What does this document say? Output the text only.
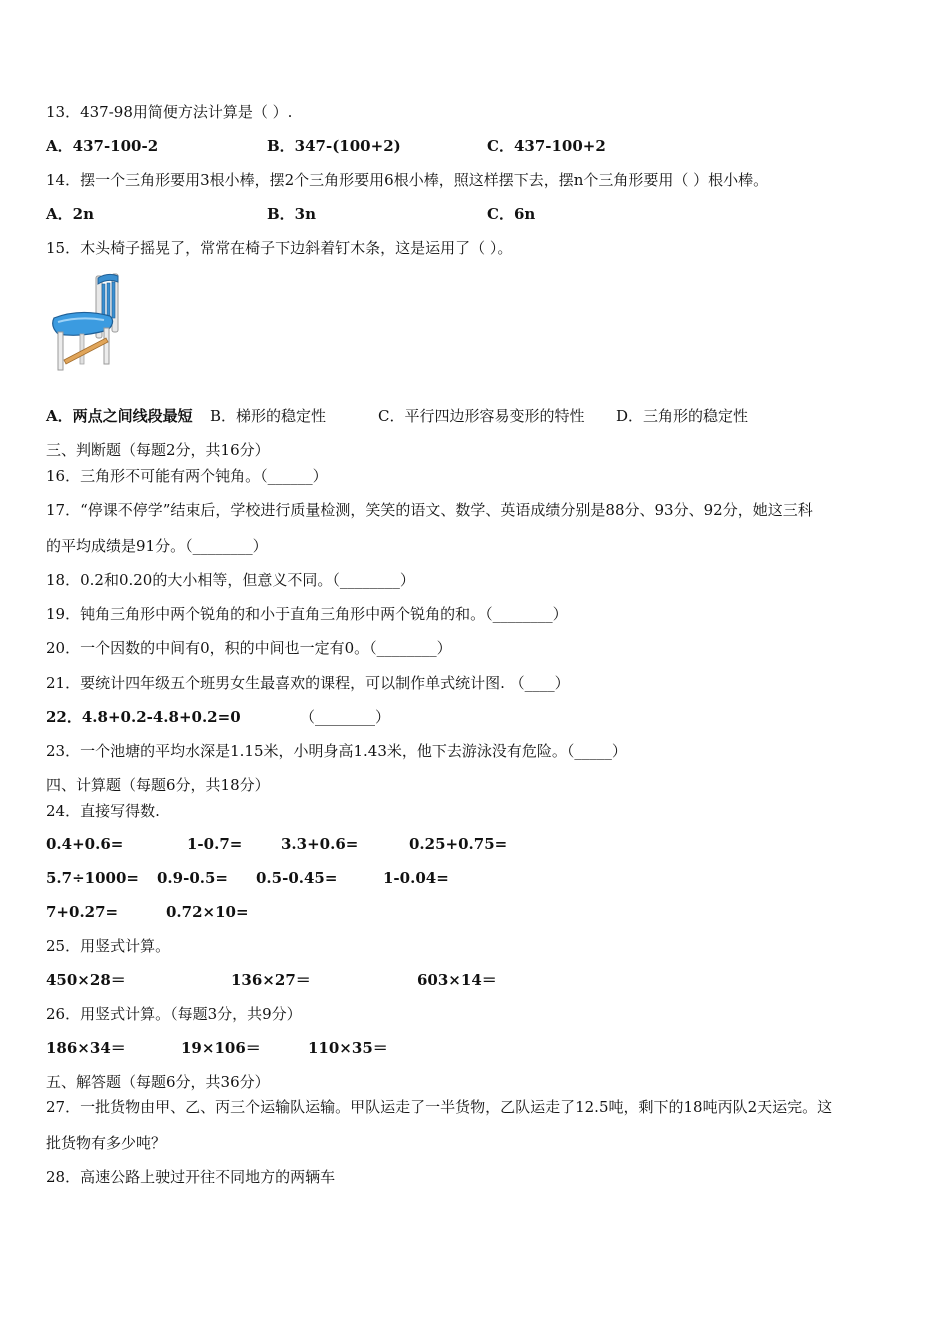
13．437-98用简便方法计算是（ ）.
A．437-100-2	B．347-(100+2)	C．437-100+2
14．摆一个三角形要用3根小棒，摆2个三角形要用6根小棒，照这样摆下去，摆n个三角形要用（ ）根小棒。
A．2n	B．3n	C．6n
15．木头椅子摇晃了，常常在椅子下边斜着钉木条，这是运用了（ ）。
A．两点之间线段最短 B．梯形的稳定性	C．平行四边形容易变形的特性 D．三角形的稳定性
三、判断题（每题2分，共16分）
16．三角形不可能有两个钝角。（______）
17．“停课不停学”结束后，学校进行质量检测，笑笑的语文、数学、英语成绩分别是88分、93分、92分，她这三科
的平均成绩是91分。（________）
18．0.2和0.20的大小相等，但意义不同。（________）
19．钝角三角形中两个锐角的和小于直角三角形中两个锐角的和。（________）
20．一个因数的中间有0，积的中间也一定有0。（________）
21．要统计四年级五个班男女生最喜欢的课程，可以制作单式统计图. （____）
22．4.8+0.2-4.8+0.2=0	（________）
23．一个池塘的平均水深是1.15米，小明身高1.43米，他下去游泳没有危险。（_____）
四、计算题（每题6分，共18分）
24．直接写得数.
0.4+0.6=	1-0.7=	3.3+0.6=	0.25+0.75=
5.7÷1000= 0.9-0.5= 0.5-0.45=	1-0.04=
7+0.27=	0.72×10=
25．用竖式计算。
450×28＝	136×27＝	603×14＝
26．用竖式计算。（每题3分，共9分）
186×34＝	19×106＝	110×35＝
五、解答题（每题6分，共36分）
27．一批货物由甲、乙、丙三个运输队运输。甲队运走了一半货物，乙队运走了12.5吨，剩下的18吨丙队2天运完。这
批货物有多少吨？
28．高速公路上驶过开往不同地方的两辆车
